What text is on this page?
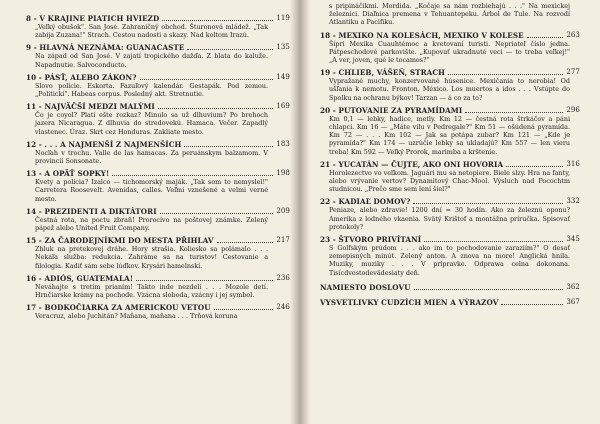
8 - V KRAJINE PIATICH HVIEZD	119
„Veľký obušok". San José. Zahraničný obchod. Šturonová mládež. „Tak zabija Zuzana!" Strach. Cestou nadosti a skazy. Nad koltom Irazú.
9 - HLAVNÁ NEZNÁMA: GUANACASTE	135
Na západ od San José. V zajatí tropického dažďa. Z blata do kaluže. Napadnutie. Salvoconducto.
10 - PÁSŤ, ALEBO ZÁKON?	149
Slovo polície. Eskorta. Fazuľový kalendár. Gestapák. Pod zemou. „Politickí". Habeas corpus. Posledný akt. Stretnutie.
11 - NAJVÄČŠÍ MEDZI MALÝMI	169
Čo je coyol? Platí ešte rozkaz? Minulo sa už dlhuvium? Po brehoch jazera Nicaragua. Z dlhuvia do stredovekú. Hamaca. Večer. Zapadlý vlastenec. Úraz. Skrt cez Honduras. Zakliate mesto.
12 - . . . A NAJMENŠÍ Z NAJMENŠÍCH	183
Nocľah v trochu. Valle de las hamacas. Za peruánskym balzamom. V provincii Sonsonate.
13 - A OPÄŤ SOPKY!	198
Kvety a polícia? Izalco — tichomorský maják. „Tak som to nemyslel!" Carretera Roosevelt. Avenidas, calles. Veľmi vznešené a velmi verné mesto.
14 - PREZIDENTI A DIKTÁTORI	209
Čestná rota, na poctu zbraň! Prorocívo na poštovej známke. Zelený pápež alebo United Fruit Company.
15 - ZA ČARODEJNÍKMI DO MESTA PŘIHLAV	217
Zhluk na pretekovej dráhe. Hory strašia. Koliesko sa polámalo . . . Nekáľa služba: redukcia. Zahráme sa na turistov! Cestovanie a filologia. Kadiť sám sebe lúďkov. Krysári hamelnskí.
16 - ADIÓS, GUATEMALA!	236
Neváhajte s tretím prianím! Takto inde nezdelí . . . Mozole detí. Hrnčiarske krámy na pochode. Vzácna sloboda, vzácny i jej symbol.
17 - BODKOČIARKA ZA AMERICKOU VETOU	246
Veracruz, alebo Juchitán? Maňana, maňana . . . Trňová koruna
s pripináčikmi. Mordida. „Kočaje sa nám rozbiehajú . . ." Na mexickej železnici. Diaľnica premena v Tehuantepeku. Árbol de Tule. Na rozvodí Atlantiku a Pacifiku.
18 - MEXIKO NA KOLESÁCH, MEXIKO V KOLESE	263
Šípri Mexika Cuauhtémoc a kvetovaní turisti. Nepriateľ číslo jedna. Pátpeschodové parkovište. „Kupovať ukradnuté veci — to treba veľkej!" „A ver, joven, qué le tocamos?"
19 - CHLIEB, VÁŠEŇ, STRACH	277
Vypražané muchy, konzervované húsenice. Mexičania to nerobia! Od ušľania k nemotu. Fronton. México. Los muertos a idos . . . Vstúpte do Spolku na ochranu býkov! Tarzan — á co za to?
20 - PUTOVANIE ZA PYRAMÍDAMI	296
Km 0,1 — lebky, hadice, metly. Km 12 — čestná rota štrkáčov a páni chlapci. Km 16 — „Máte vilu v Pedregale?" Km 51 — ošúdená pyramída. Km 72 — . . . Km 102 — Jak sa potápa zubar? Km 121 — „Kde je pyramída?" Km 174 — uzrúčie lebky sa ukladajú? Km 557 — len vieru treba! Km 592 — Veľký Prorok, marimba a krštenie.
21 - YUCATÁN — ČUJTE, AKO ONI HOVORIA	316
Horolezectvo vo veľkom. Jaguári mu sa netopiere. Biele slzy. Hra na fanty, alebo vrývanie vertov? Dynamitový Chac-Mool. Výsluch nad Pocochtm studnicou. „Prečo sme sem lení šiel?"
22 - KADIAĽ DOMOV?	332
Peniaze, alebo zdravie! 1200 dní = 30 hodín. Ako za železnú oponu? Amerika z lodného vkaenia. Svätý Krištof a montážna príručka. Spisovať protokoly?
23 - ŠTVORO PRIVÍTANÍ	345
S Golfským prúdom . . . ako im to pochodovanie zaraziím?" O desať zemepisných minút. Zelený anton. A znova na more! Anglická hnila. Muziky, muziky . . . V prípravke. Odprawa celna dokonana. Tisícdvestodevädesiaty deň.
NAMIESTO DOSLOVU	362
VYSVETLIVKY CUDZÍCH MIEN A VÝRAZOV	367
